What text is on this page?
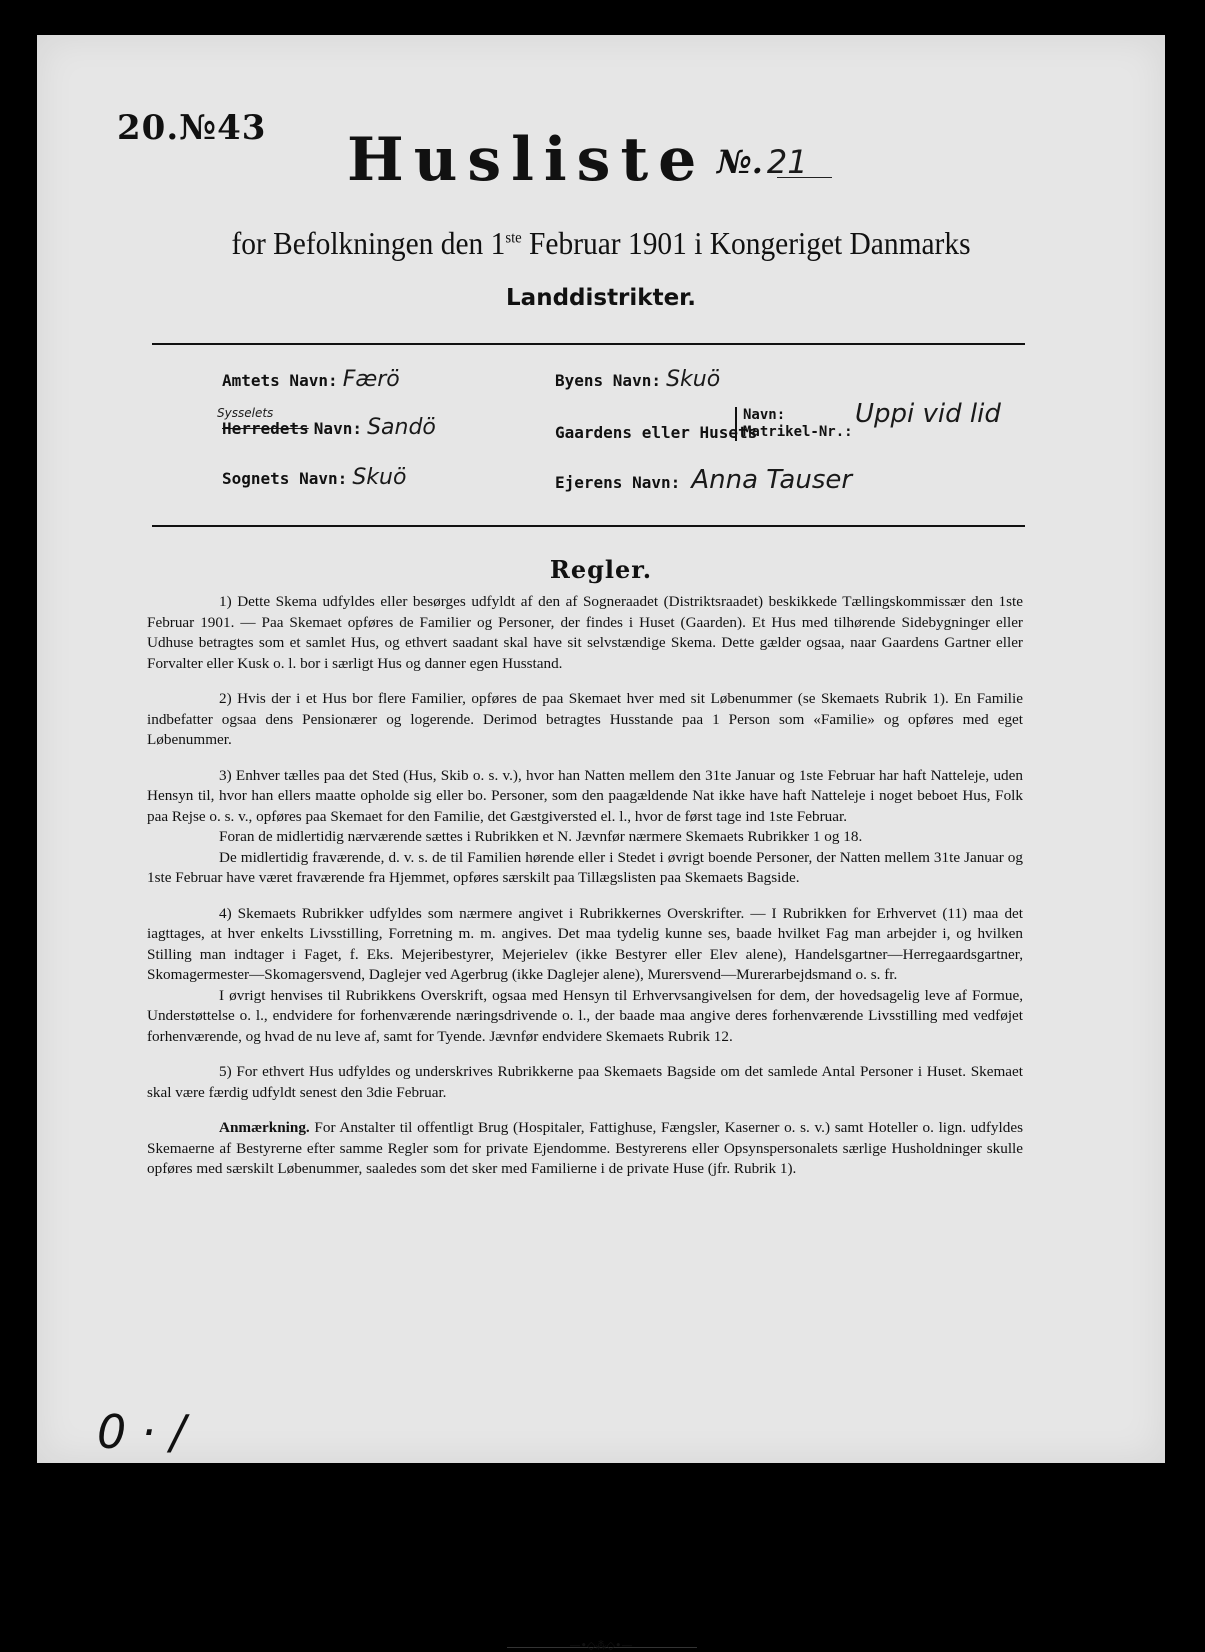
20.№43 Husliste №. 21
for Befolkningen den 1ste Februar 1901 i Kongeriget Danmarks
Landdistrikter.
Amtets Navn: Færö
Sysselets
Herredets Navn: Sandö
Sognets Navn: Skuö
Byens Navn: Skuö
Gaardens eller Husets
Navn:
Matrikel-Nr.:
Uppi vid lid
Ejerens Navn: Anna Tauser
Regler.

1) Dette Skema udfyldes eller besørges udfyldt af den af Sogneraadet (Distriktsraadet) beskikkede Tællingskommissær den 1ste Februar 1901. — Paa Skemaet opføres de Familier og Personer, der findes i Huset (Gaarden). Et Hus med tilhørende Sidebygninger eller Udhuse betragtes som et samlet Hus, og ethvert saadant skal have sit selvstændige Skema. Dette gælder ogsaa, naar Gaardens Gartner eller Forvalter eller Kusk o. l. bor i særligt Hus og danner egen Husstand.

2) Hvis der i et Hus bor flere Familier, opføres de paa Skemaet hver med sit Løbenummer (se Skemaets Rubrik 1). En Familie indbefatter ogsaa dens Pensionærer og logerende. Derimod betragtes Husstande paa 1 Person som «Familie» og opføres med eget Løbenummer.

3) Enhver tælles paa det Sted (Hus, Skib o. s. v.), hvor han Natten mellem den 31te Januar og 1ste Februar har haft Natteleje, uden Hensyn til, hvor han ellers maatte opholde sig eller bo. Personer, som den paagældende Nat ikke have haft Natteleje i noget beboet Hus, Folk paa Rejse o. s. v., opføres paa Skemaet for den Familie, det Gæstgiversted el. l., hvor de først tage ind 1ste Februar.

Foran de midlertidig nærværende sættes i Rubrikken et N. Jævnfør nærmere Skemaets Rubrikker 1 og 18.

De midlertidig fraværende, d. v. s. de til Familien hørende eller i Stedet i øvrigt boende Personer, der Natten mellem 31te Januar og 1ste Februar have været fraværende fra Hjemmet, opføres særskilt paa Tillægslisten paa Skemaets Bagside.

4) Skemaets Rubrikker udfyldes som nærmere angivet i Rubrikkernes Overskrifter. — I Rubrikken for Erhvervet (11) maa det iagttages, at hver enkelts Livsstilling, Forretning m. m. angives. Det maa tydelig kunne ses, baade hvilket Fag man arbejder i, og hvilken Stilling man indtager i Faget, f. Eks. Mejeribestyrer, Mejerielev (ikke Bestyrer eller Elev alene), Handelsgartner—Herregaardsgartner, Skomagermester—Skomagersvend, Daglejer ved Agerbrug (ikke Daglejer alene), Murersvend—Murerarbejdsmand o. s. fr.

I øvrigt henvises til Rubrikkens Overskrift, ogsaa med Hensyn til Erhvervsangivelsen for dem, der hovedsagelig leve af Formue, Understøttelse o. l., endvidere for forhenværende næringsdrivende o. l., der baade maa angive deres forhenværende Livsstilling med vedføjet forhenværende, og hvad de nu leve af, samt for Tyende. Jævnfør endvidere Skemaets Rubrik 12.

5) For ethvert Hus udfyldes og underskrives Rubrikkerne paa Skemaets Bagside om det samlede Antal Personer i Huset. Skemaet skal være færdig udfyldt senest den 3die Februar.

Anmærkning. For Anstalter til offentligt Brug (Hospitaler, Fattighuse, Fængsler, Kaserner o. s. v.) samt Hoteller o. lign. udfyldes Skemaerne af Bestyrerne efter samme Regler som for private Ejendomme. Bestyrerens eller Opsynspersonalets særlige Husholdninger skulle opføres med særskilt Løbenummer, saaledes som det sker med Familierne i de private Huse (jfr. Rubrik 1).

—•◇⁂◇•—
0 · /
